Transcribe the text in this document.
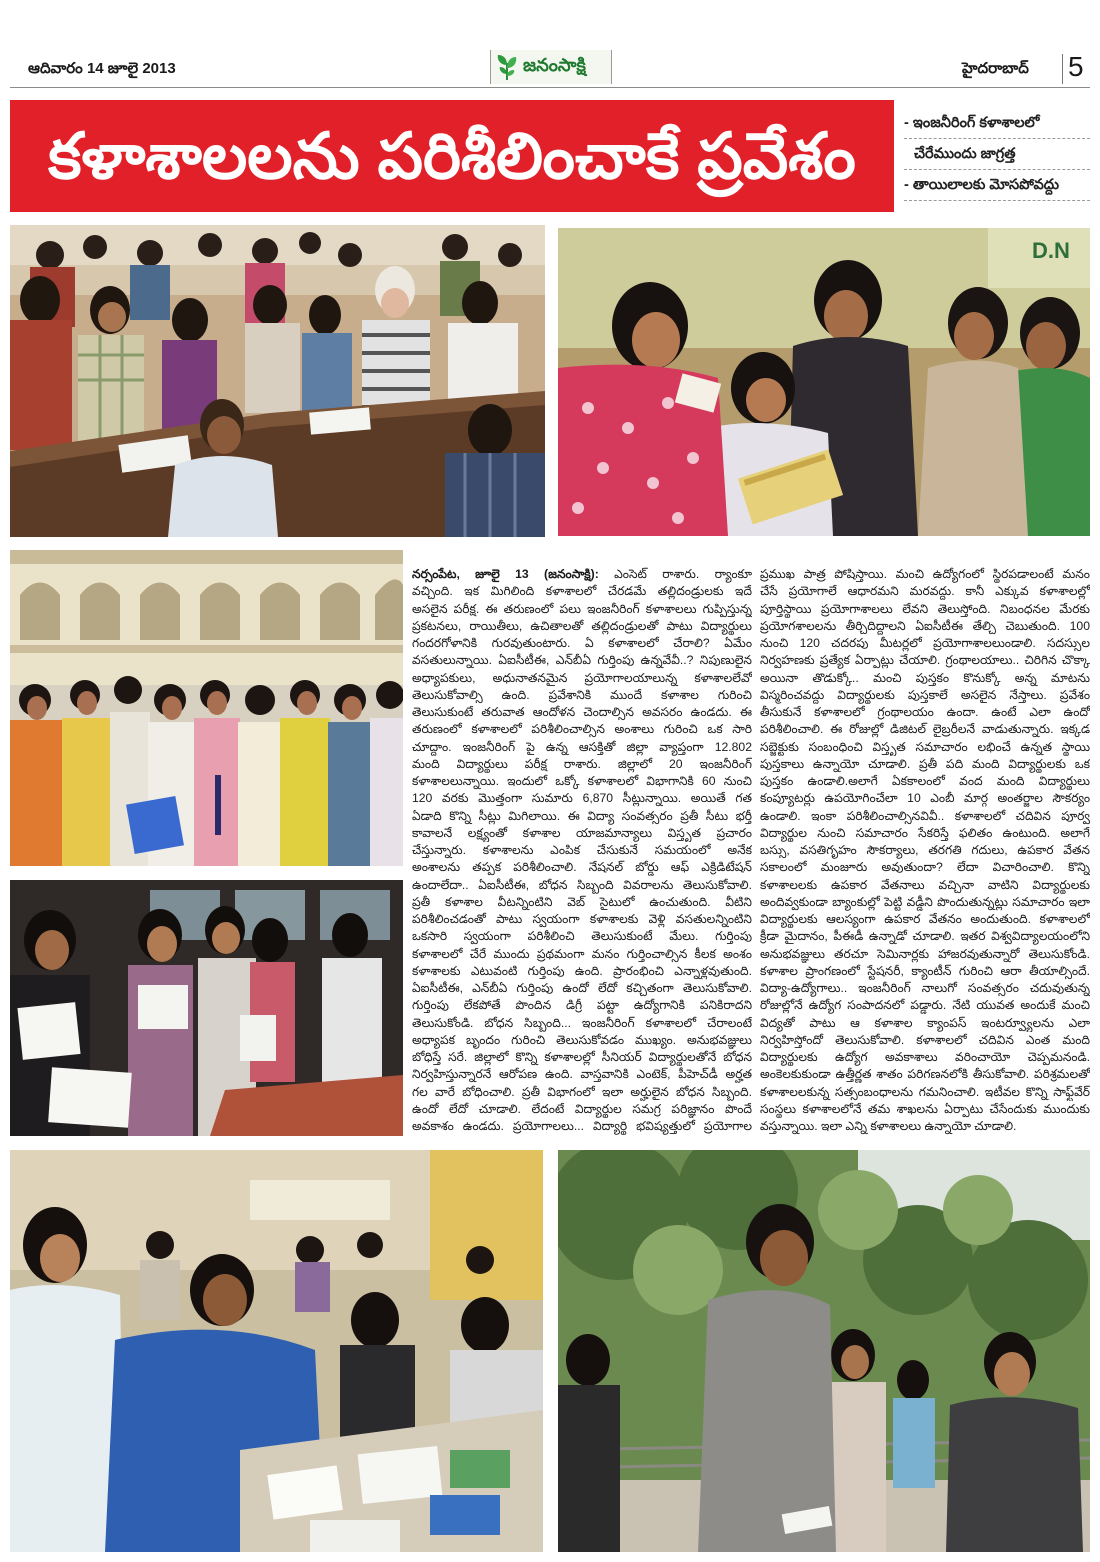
ఆదివారం 14 జూలై 2013	జనంసాక్షి	హైదరాబాద్ 5
కళాశాలలను పరిశీలించాకే ప్రవేశం	- ఇంజనీరింగ్ కళాశాలలో
చేరేముందు జాగ్రత్త
- తాయిలాలకు మోసపోవద్దు
D.N
నర్సంపేట, జూలై 13 (జనంసాక్షి): ఎంసెట్ రాశారు. ర్యాంకూ
వచ్చింది. ఇక మిగిలింది కళాశాలలో చేరడమే తల్లిదండ్రులకు ఇదే
అసలైన పరీక్ష. ఈ తరుణంలో పలు ఇంజనీరింగ్ కళాశాలలు గుప్పిస్తున్న
ప్రకటనలు, రాయితీలు, ఉచితాలతో తల్లిదండ్రులతో పాటు విద్యార్థులు
గందరగోళానికి గురవుతుంటారు. ఏ కళాశాలలో చేరాలి? ఏమేం
వసతులున్నాయి. ఏఐసీటీఈ, ఎన్‌బీఏ గుర్తింపు ఉన్నవేవీ..? నిపుణులైన
అధ్యాపకులు, అధునాతనమైన ప్రయోగాలయాలున్న కళాశాలలేవో
తెలుసుకోవాల్సి ఉంది. ప్రవేశానికి ముందే కళాశాల గురించి
తెలుసుకుంటే తరువాత ఆందోళన చెందాల్సిన అవసరం ఉండదు. ఈ
తరుణంలో కళాశాలలో పరిశీలించాల్సిన అంశాలు గురించి ఒక సారి
చూద్దాం. ఇంజనీరింగ్ పై ఉన్న ఆసక్తితో జిల్లా వ్యాప్తంగా 12.802
మంది విద్యార్థులు పరీక్ష రాశారు. జిల్లాలో 20 ఇంజనీరింగ్
కళాశాలలున్నాయి. ఇందులో ఒక్కో కళాశాలలో విభాగానికి 60 నుంచి
120 వరకు మొత్తంగా సుమారు 6,870 సీట్లున్నాయి. అయితే గత
ఏడాది కొన్ని సీట్లు మిగిలాయి. ఈ విద్యా సంవత్సరం ప్రతీ సీటు భర్తీ
కావాలనే లక్ష్యంతో కళాశాల యాజమాన్యాలు విస్తృత ప్రచారం
చేస్తున్నారు. కళాశాలను ఎంపిక చేసుకునే సమయంలో అనేక
అంశాలను తప్పక పరిశీలించాలి. నేషనల్ బోర్డు ఆఫ్ ఎక్రిడిటేషన్
ఉందాలేదా.. ఏఐసీటీఈ, బోధన సిబ్బంది వివరాలను తెలుసుకోవాలి.
ప్రతీ కళాశాల వీటన్నింటిని వెబ్ సైటులో ఉంచుతుంది. వీటిని
పరిశీలించడంతో పాటు స్వయంగా కళాశాలకు వెళ్లి వసతులన్నింటిని
ఒకసారి స్వయంగా పరిశీలించి తెలుసుకుంటే మేలు. గుర్తింపు
కళాశాలలో చేరే ముందు ప్రథమంగా మనం గుర్తించాల్సిన కీలక అంశం
కళాశాలకు ఎటువంటి గుర్తింపు ఉంది. ప్రారంభించి ఎన్నాళ్లవుతుంది.
ఏఐసీటీఈ, ఎన్‌బీఏ గుర్తింపు ఉందో లేదో కచ్చితంగా తెలుసుకోవాలి.
గుర్తింపు లేకపోతే పొందిన డిగ్రీ పట్టా ఉద్యోగానికి పనికిరాదని
తెలుసుకోండి. బోధన సిబ్బంది... ఇంజనీరింగ్ కళాశాలలో చేరాలంటే
అధ్యాపక బృందం గురించి తెలుసుకోవడం ముఖ్యం. అనుభవజ్ఞులు
బోధిస్తే సరే. జిల్లాలో కొన్ని కళాశాలల్లో సీనియర్ విద్యార్థులతోనే బోధన
నిర్వహిస్తున్నారనే ఆరోపణ ఉంది. వాస్తవానికి ఎంటెక్, పీహెచ్‌డీ అర్హత
గల వారే బోధించాలి. ప్రతీ విభాగంలో ఇలా అర్హులైన బోధన సిబ్బంది.
ఉందో లేదో చూడాలి. లేదంటే విద్యార్థుల సమగ్ర పరిజ్ఞానం పొందే
అవకాశం ఉండదు. ప్రయోగాలలు... విద్యార్థి భవిష్యత్తులో ప్రయోగాల
ప్రముఖ పాత్ర పోషిస్తాయి. మంచి ఉద్యోగంలో స్థిరపడాలంటే మనం
చేసే ప్రయోగాలే ఆధారమని మరవద్దు. కానీ ఎక్కువ కళాశాలల్లో
పూర్తిస్థాయి ప్రయోగాశాలలు లేవని తెలుస్తోంది. నిబంధనల మేరకు
ప్రయోగశాలలను తీర్చిదిద్దాలని ఏఐసీటీఈ తేల్చి చెబుతుంది. 100
నుంచి 120 చదరపు మీటర్లలో ప్రయోగాశాలలుండాలి. సదస్సుల
నిర్వహణకు ప్రత్యేక ఏర్పాట్లు చేయాలి. గ్రంథాలయాలు.. చిరిగిన చొక్కా
అయినా తొడుక్కో.. మంచి పుస్తకం కొనుక్కో అన్న మాటను
విస్మరించవద్దు విద్యార్థులకు పుస్తకాలే అసలైన నేస్తాలు. ప్రవేశం
తీసుకునే కళాశాలలో గ్రంథాలయం ఉందా. ఉంటే ఎలా ఉందో
పరిశీలించాలి. ఈ రోజుల్లో డిజిటల్ లైబ్రరీలనే వాడుతున్నారు. ఇక్కడ
సబ్జెక్టుకు సంబంధించి విస్తృత సమాచారం లభించే ఉన్నత స్థాయి
పుస్తకాలు ఉన్నాయో చూడాలి. ప్రతీ పది మంది విద్యార్థులకు ఒక
పుస్తకం ఉండాలి.అలాగే ఏకకాలంలో వంద మంది విద్యార్థులు
కంప్యూటర్లు ఉపయోగించేలా 10 ఎంబీ మార్గ అంతర్జాల సౌకర్యం
ఉండాలి. ఇంకా పరిశీలించాల్సినవివీ.. కళాశాలలో చదివిన పూర్వ
విద్యార్థుల నుంచి సమాచారం సేకరిస్తే ఫలితం ఉంటుంది. అలాగే
బస్సు, వసతిగృహం సౌకర్యాలు, తరగతి గదులు, ఉపకార వేతన
సకాలంలో మంజూరు అవుతుందా? లేదా విచారించాలి. కొన్ని
కళాశాలలకు ఉపకార వేతనాలు వచ్చినా వాటిని విద్యార్థులకు
అందివ్వకుండా బ్యాంకుల్లో పెట్టి వడ్డీని పొందుతున్నట్లు సమాచారం ఇలా
విద్యార్థులకు ఆలస్యంగా ఉపకార వేతనం అందుతుంది. కళాశాలలో
క్రీడా మైదానం, పీఈడీ ఉన్నాడో చూడాలి. ఇతర విశ్వవిద్యాలయంలోని
అనుభవజ్ఞులు తరచూ సెమినార్లకు హాజరవుతున్నారో తెలుసుకోండి.
కళాశాల ప్రాంగణంలో స్టేషనరీ, క్యాంటీన్ గురించి ఆరా తీయాల్సిందే.
విద్యా-ఉద్యోగాలు.. ఇంజనీరింగ్ నాలుగో సంవత్సరం చదువుతున్న
రోజుల్లోనే ఉద్యోగ సంపాదనలో పడ్డారు. నేటి యువత అందుకే మంచి
విద్యతో పాటు ఆ కళాశాల క్యాంపస్ ఇంటర్వ్యూలను ఎలా
నిర్వహిస్తోందో తెలుసుకోవాలి. కళాశాలలో చదివిన ఎంత మంది
విద్యార్థులకు ఉద్యోగ అవకాశాలు వరించాయో చెప్పమనండి.
అంకెలకుకుండా ఉత్తీర్ణత శాతం పరిగణనలోకి తీసుకోవాలి. పరిశ్రమలతో
కళాశాలలకున్న సత్సంబంధాలను గమనించాలి. ఇటీవల కొన్ని సాఫ్ట్‌వేర్
సంస్థలు కళాశాలలోనే తమ శాఖలను ఏర్పాటు చేసేందుకు ముందుకు
వస్తున్నాయి. ఇలా ఎన్ని కళాశాలలు ఉన్నాయో చూడాలి.
